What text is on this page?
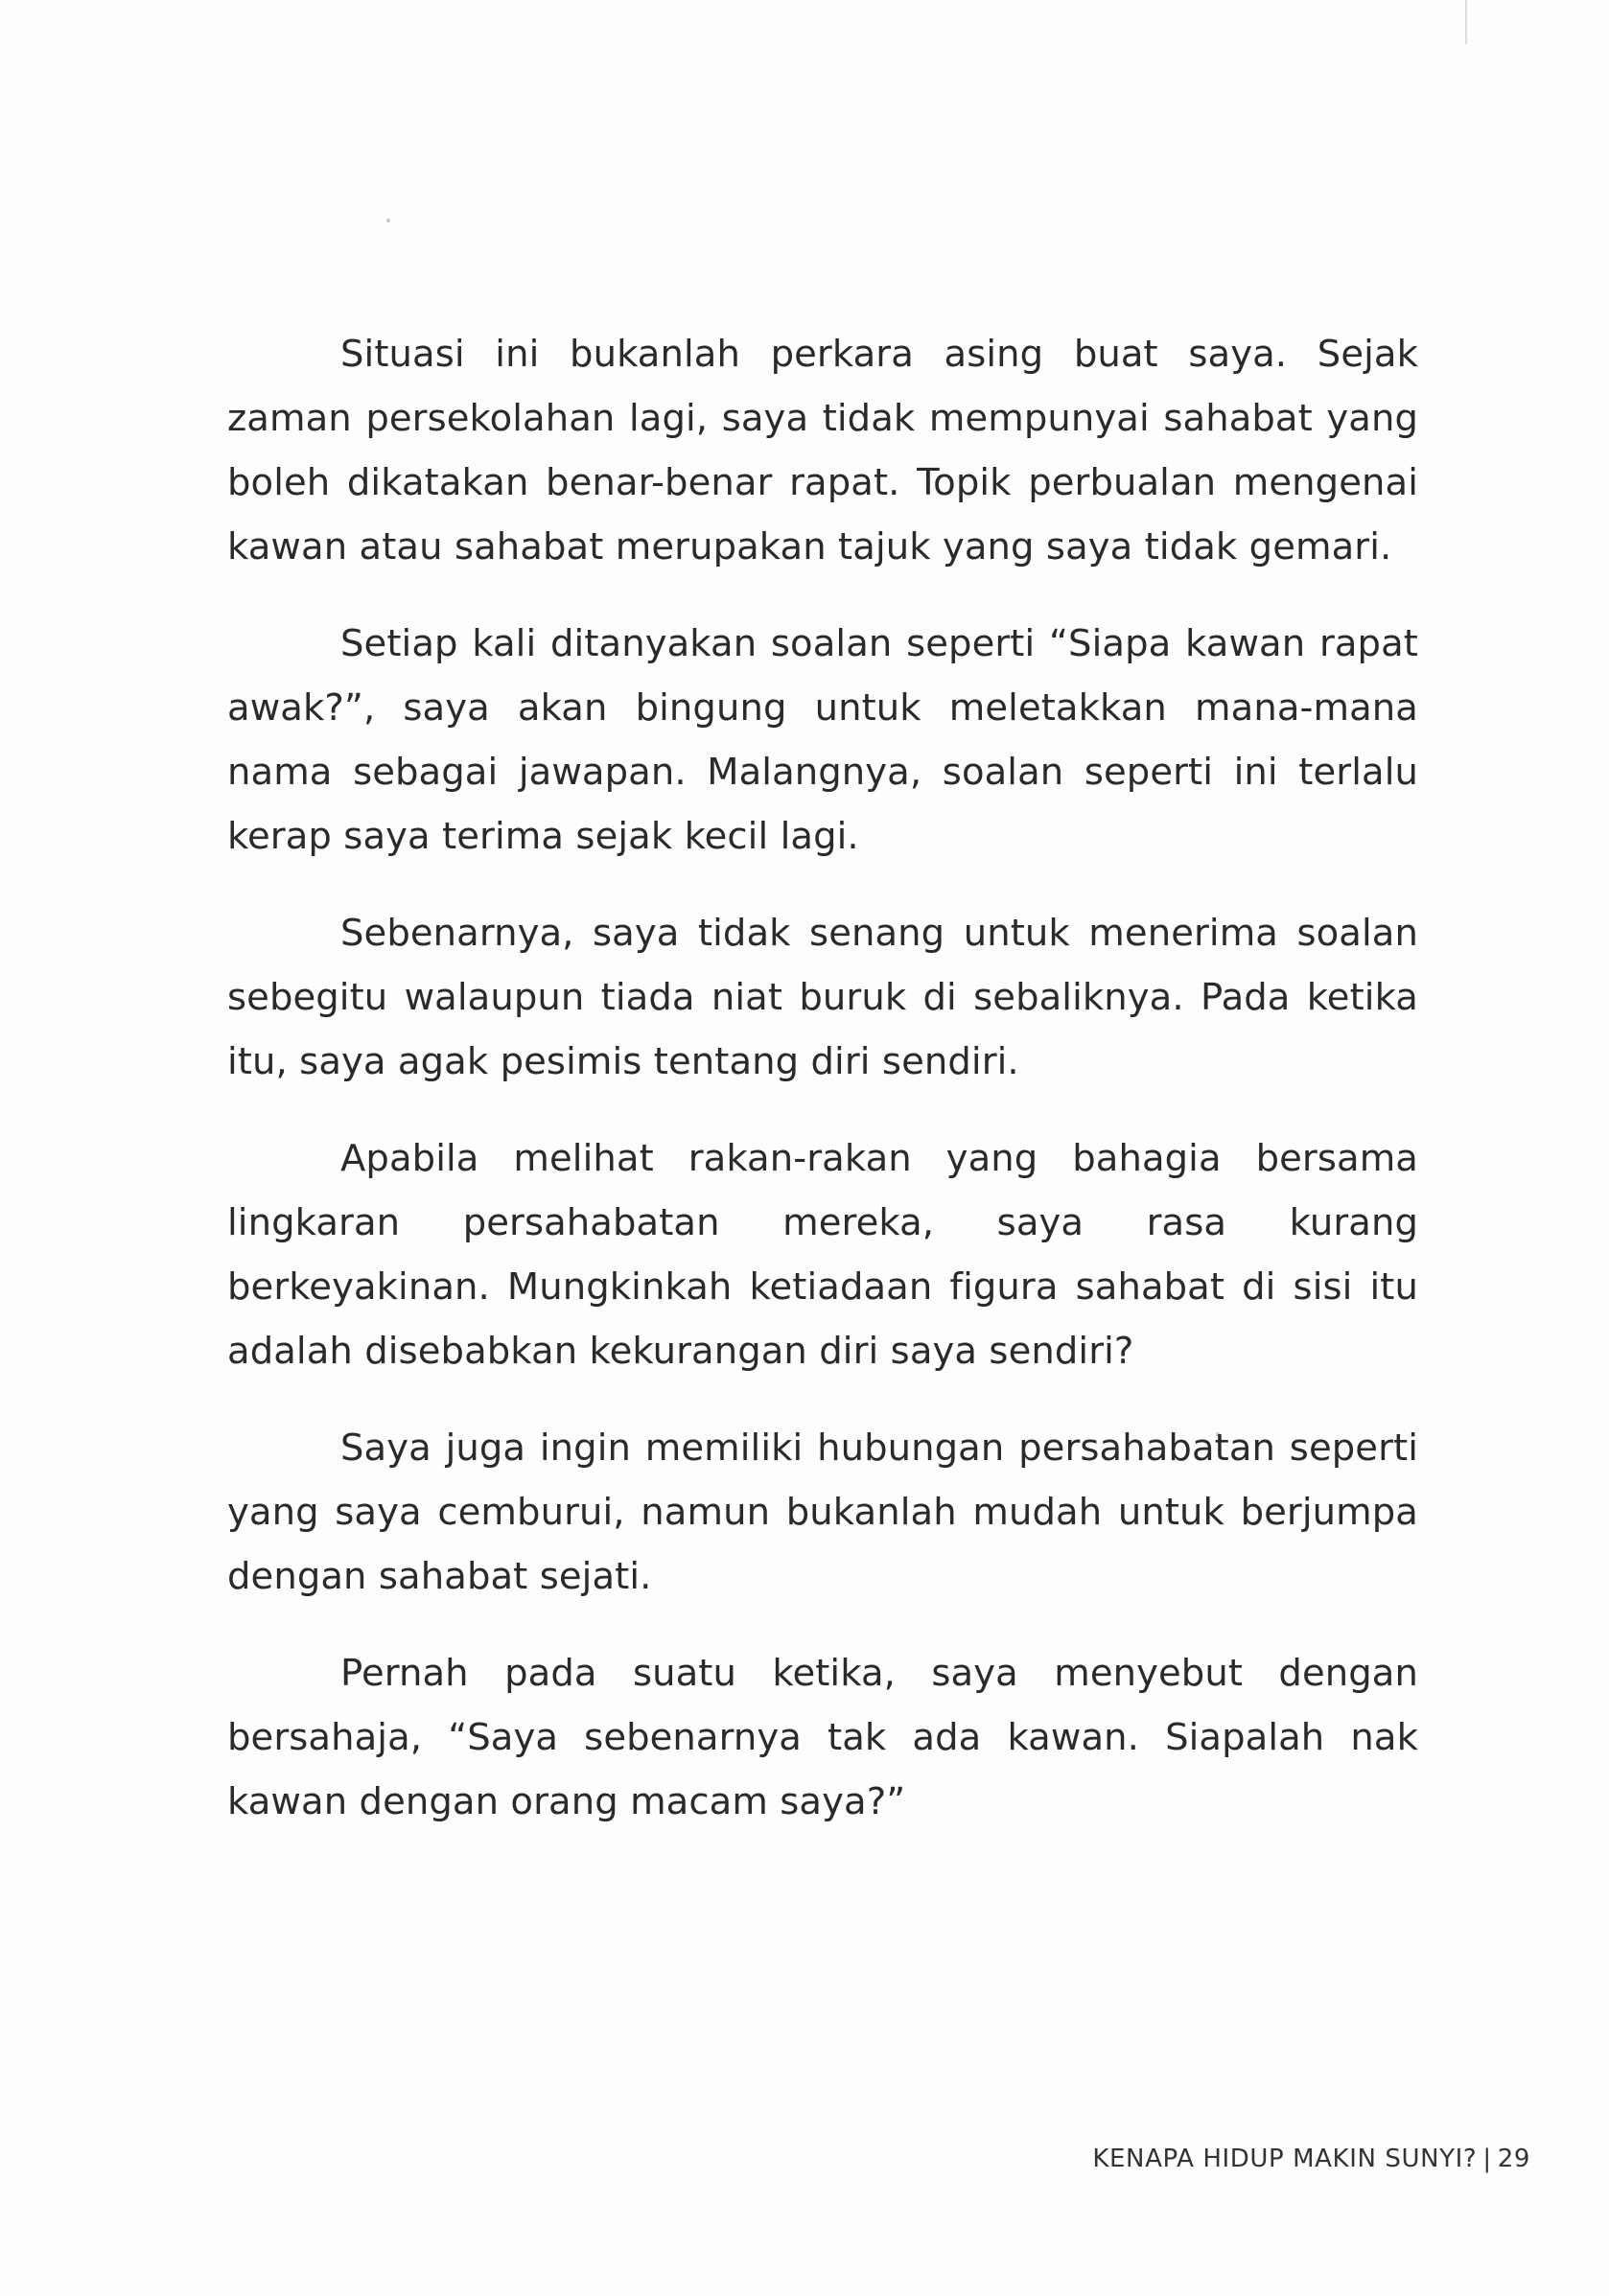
Situasi ini bukanlah perkara asing buat saya. Sejak zaman persekolahan lagi, saya tidak mempunyai sahabat yang boleh dikatakan benar-benar rapat. Topik perbualan mengenai kawan atau sahabat merupakan tajuk yang saya tidak gemari.

Setiap kali ditanyakan soalan seperti “Siapa kawan rapat awak?”, saya akan bingung untuk meletakkan mana-mana nama sebagai jawapan. Malangnya, soalan seperti ini terlalu kerap saya terima sejak kecil lagi.

Sebenarnya, saya tidak senang untuk menerima soalan sebegitu walaupun tiada niat buruk di sebaliknya. Pada ketika itu, saya agak pesimis tentang diri sendiri.

Apabila melihat rakan-rakan yang bahagia bersama lingkaran persahabatan mereka, saya rasa kurang berkeyakinan. Mungkinkah ketiadaan figura sahabat di sisi itu adalah disebabkan kekurangan diri saya sendiri?

Saya juga ingin memiliki hubungan persahabatan seperti yang saya cemburui, namun bukanlah mudah untuk berjumpa dengan sahabat sejati.

Pernah pada suatu ketika, saya menyebut dengan bersahaja, “Saya sebenarnya tak ada kawan. Siapalah nak kawan dengan orang macam saya?”

KENAPA HIDUP MAKIN SUNYI? | 29
